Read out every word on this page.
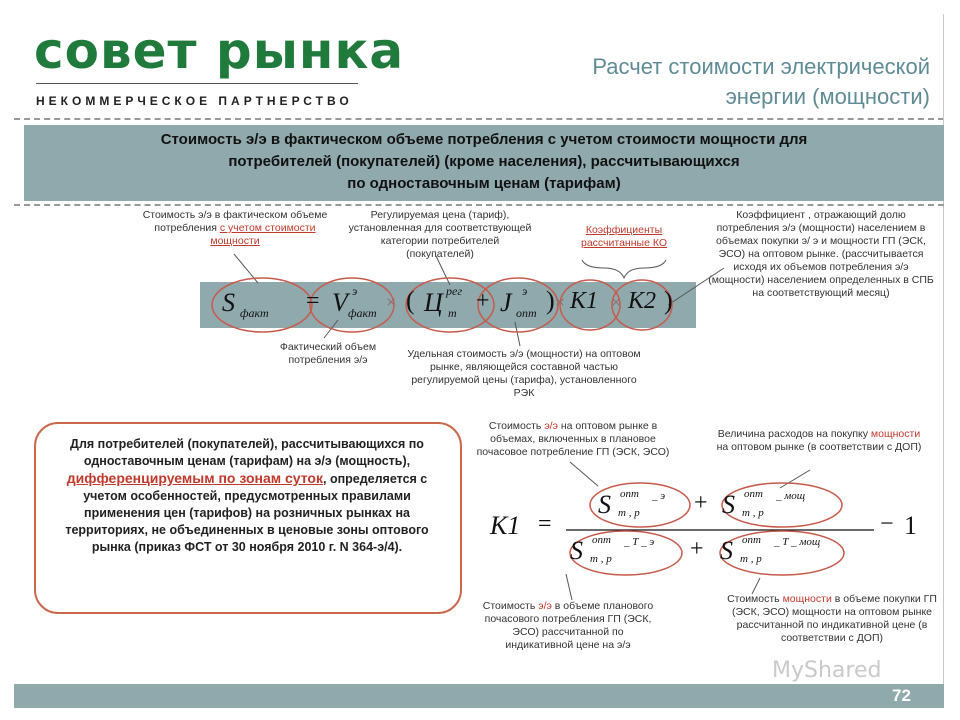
совет рынка
НЕКОММЕРЧЕСКОЕ ПАРТНЕРСТВО
Расчет стоимости электрической
энергии (мощности)
Стоимость э/э в фактическом объеме потребления с учетом стоимости мощности для
потребителей (покупателей) (кроме населения), рассчитывающихся
по одноставочным ценам (тарифам)
Стоимость э/э в фактическом объеме потребления с учетом стоимости мощности
Регулируемая цена (тариф), установленная для соответствующей категории потребителей (покупателей)
Коэффициенты рассчитанные КО
Коэффициент , отражающий долю потребления э/э (мощности) населением в объемах покупки э/ э и мощности ГП (ЭСК, ЭСО) на оптовом рынке. (рассчитывается исходя их объемов потребления э/э (мощности) населением определенных в СПБ на соответствующий месяц)
S факт = V э
факт
× ( Ц рег
т + J э
опт ) × К1 × К2 )
Фактический объем потребления э/э	Удельная стоимость э/э (мощности) на оптовом рынке, являющейся составной частью регулируемой цены (тарифа), установленного РЭК
Для потребителей (покупателей), рассчитывающихся по одноставочным ценам (тарифам) на э/э (мощность), дифференцируемым по зонам суток, определяется с учетом особенностей, предусмотренных правилами применения цен (тарифов) на розничных рынках на территориях, не объединенных в ценовые зоны оптового рынка (приказ ФСТ от 30 ноября 2010 г. N 364-э/4).
Стоимость э/э на оптовом рынке в объемах, включенных в плановое почасовое потребление ГП (ЭСК, ЭСО)
Величина расходов на покупку мощности на оптовом рынке (в соответствии с ДОП)
Стоимость э/э в объеме планового почасового потребления ГП (ЭСК, ЭСО) рассчитанной по индикативной цене на э/э
Стоимость мощности в объеме покупки ГП (ЭСК, ЭСО) мощности на оптовом рынке рассчитанной по индикативной цене (в соответствии с ДОП)
К1 =
S опт _ э
т , р + S опт _ мощ
т , р
S опт _ Т _ э
т , р	+ S опт _ Т _ мощ
т , р
− 1
MyShared
72
